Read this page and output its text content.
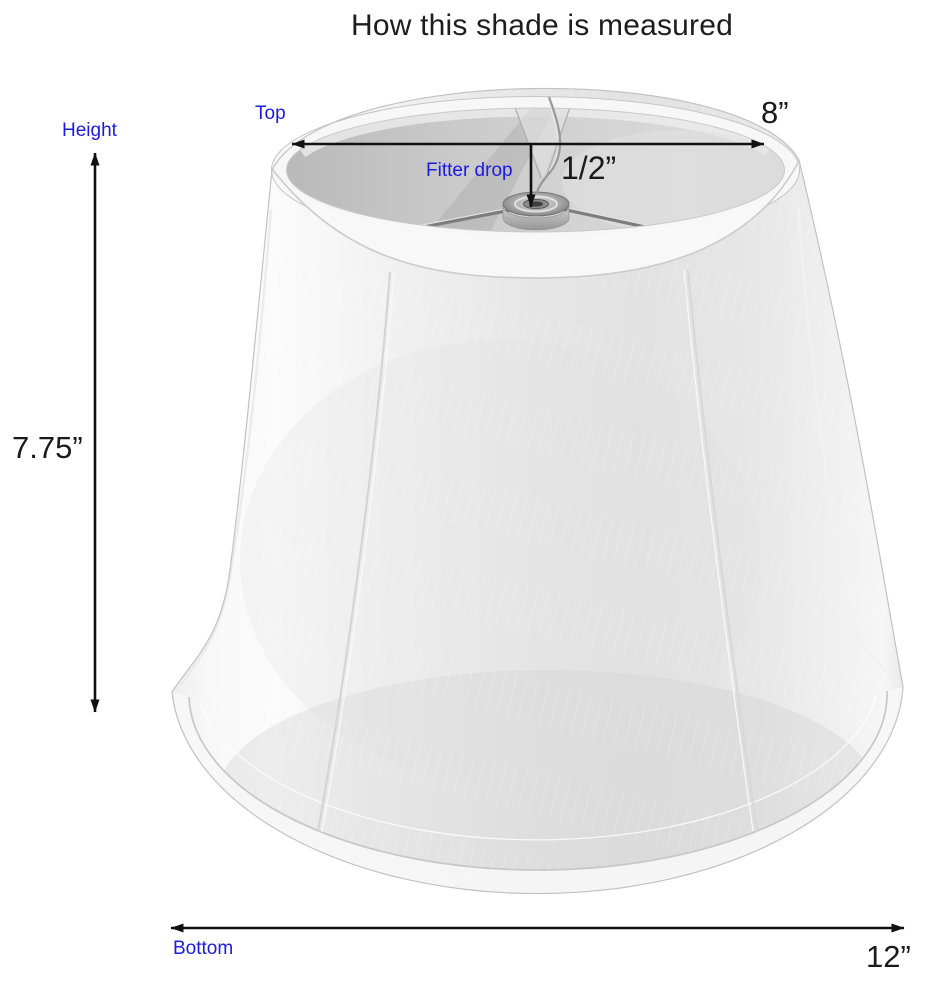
How this shade is measured
Height
7.75”
Top	8”
Fitter drop 1/2”
Bottom	12”
